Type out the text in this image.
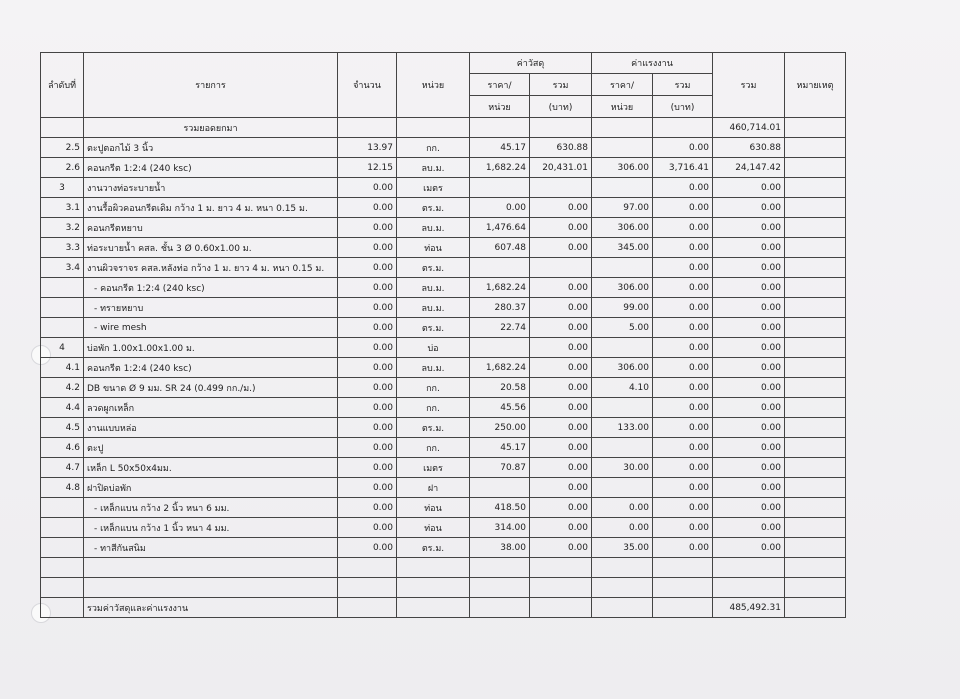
ลำดับที่	รายการ	จำนวน	หน่วย	ค่าวัสดุ		ค่าแรงงาน		รวม	หมายเหตุ
				ราคา/	รวม	ราคา/	รวม		
				หน่วย	(บาท)	หน่วย	(บาท)		
	รวมยอดยกมา							460,714.01	
2.5	ตะปูตอกไม้ 3 นิ้ว	13.97	กก.	45.17	630.88		0.00	630.88	
2.6	คอนกรีต 1:2:4 (240 ksc)	12.15	ลบ.ม.	1,682.24	20,431.01	306.00	3,716.41	24,147.42	
3	งานวางท่อระบายน้ำ	0.00	เมตร				0.00	0.00	
3.1	งานรื้อผิวคอนกรีตเดิม กว้าง 1 ม. ยาว 4 ม. หนา 0.15 ม.	0.00	ตร.ม.	0.00	0.00	97.00	0.00	0.00	
3.2	คอนกรีตหยาบ	0.00	ลบ.ม.	1,476.64	0.00	306.00	0.00	0.00	
3.3	ท่อระบายน้ำ คสล. ชั้น 3 Ø 0.60x1.00 ม.	0.00	ท่อน	607.48	0.00	345.00	0.00	0.00	
3.4	งานผิวจราจร คสล.หลังท่อ กว้าง 1 ม. ยาว 4 ม. หนา 0.15 ม.	0.00	ตร.ม.				0.00	0.00	
	- คอนกรีต 1:2:4 (240 ksc)	0.00	ลบ.ม.	1,682.24	0.00	306.00	0.00	0.00	
	- ทรายหยาบ	0.00	ลบ.ม.	280.37	0.00	99.00	0.00	0.00	
	- wire mesh	0.00	ตร.ม.	22.74	0.00	5.00	0.00	0.00	
4	บ่อพัก 1.00x1.00x1.00 ม.	0.00	บ่อ		0.00		0.00	0.00	
4.1	คอนกรีต 1:2:4 (240 ksc)	0.00	ลบ.ม.	1,682.24	0.00	306.00	0.00	0.00	
4.2	DB ขนาด Ø 9 มม. SR 24 (0.499 กก./ม.)	0.00	กก.	20.58	0.00	4.10	0.00	0.00	
4.4	ลวดผูกเหล็ก	0.00	กก.	45.56	0.00		0.00	0.00	
4.5	งานแบบหล่อ	0.00	ตร.ม.	250.00	0.00	133.00	0.00	0.00	
4.6	ตะปู	0.00	กก.	45.17	0.00		0.00	0.00	
4.7	เหล็ก L 50x50x4มม.	0.00	เมตร	70.87	0.00	30.00	0.00	0.00	
4.8	ฝาปิดบ่อพัก	0.00	ฝา		0.00		0.00	0.00	
	- เหล็กแบน กว้าง 2 นิ้ว หนา 6 มม.	0.00	ท่อน	418.50	0.00	0.00	0.00	0.00	
	- เหล็กแบน กว้าง 1 นิ้ว หนา 4 มม.	0.00	ท่อน	314.00	0.00	0.00	0.00	0.00	
	- ทาสีกันสนิม	0.00	ตร.ม.	38.00	0.00	35.00	0.00	0.00	

	รวมค่าวัสดุและค่าแรงงาน							485,492.31	
